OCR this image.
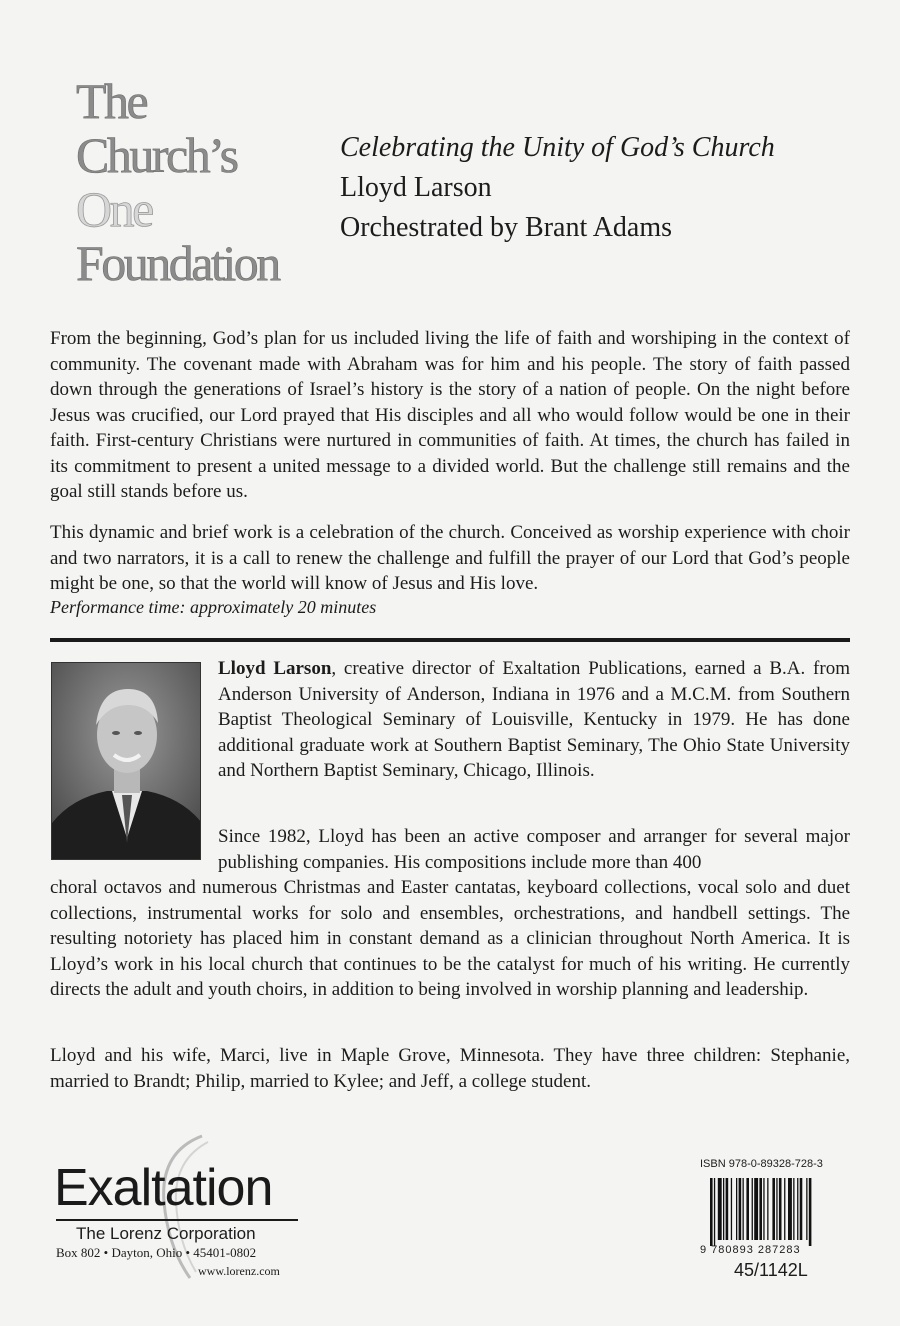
The
Church’s
One
Foundation
Celebrating the Unity of God’s Church
Lloyd Larson
Orchestrated by Brant Adams

From the beginning, God’s plan for us included living the life of faith and worshiping in the context of community. The covenant made with Abraham was for him and his people. The story of faith passed down through the generations of Israel’s history is the story of a nation of people. On the night before Jesus was crucified, our Lord prayed that His disciples and all who would follow would be one in their faith. First-century Christians were nurtured in communities of faith. At times, the church has failed in its commitment to present a united message to a divided world. But the challenge still remains and the goal still stands before us.

This dynamic and brief work is a celebration of the church. Conceived as worship experience with choir and two narrators, it is a call to renew the challenge and fulfill the prayer of our Lord that God’s people might be one, so that the world will know of Jesus and His love.

Performance time: approximately 20 minutes

Lloyd Larson, creative director of Exaltation Publications, earned a B.A. from Anderson University of Anderson, Indiana in 1976 and a M.C.M. from Southern Baptist Theological Seminary of Louisville, Kentucky in 1979. He has done additional graduate work at Southern Baptist Seminary, The Ohio State University and Northern Baptist Seminary, Chicago, Illinois.

Since 1982, Lloyd has been an active composer and arranger for several major publishing companies. His compositions include more than 400

choral octavos and numerous Christmas and Easter cantatas, keyboard collections, vocal solo and duet collections, instrumental works for solo and ensembles, orchestrations, and handbell settings. The resulting notoriety has placed him in constant demand as a clinician throughout North America. It is Lloyd’s work in his local church that continues to be the catalyst for much of his writing. He currently directs the adult and youth choirs, in addition to being involved in worship planning and leadership.

Lloyd and his wife, Marci, live in Maple Grove, Minnesota. They have three children: Stephanie, married to Brandt; Philip, married to Kylee; and Jeff, a college student.

Exaltation
The Lorenz Corporation
Box 802 • Dayton, Ohio • 45401-0802
www.lorenz.com
ISBN 978-0-89328-728-3
9 780893 287283
45/1142L
